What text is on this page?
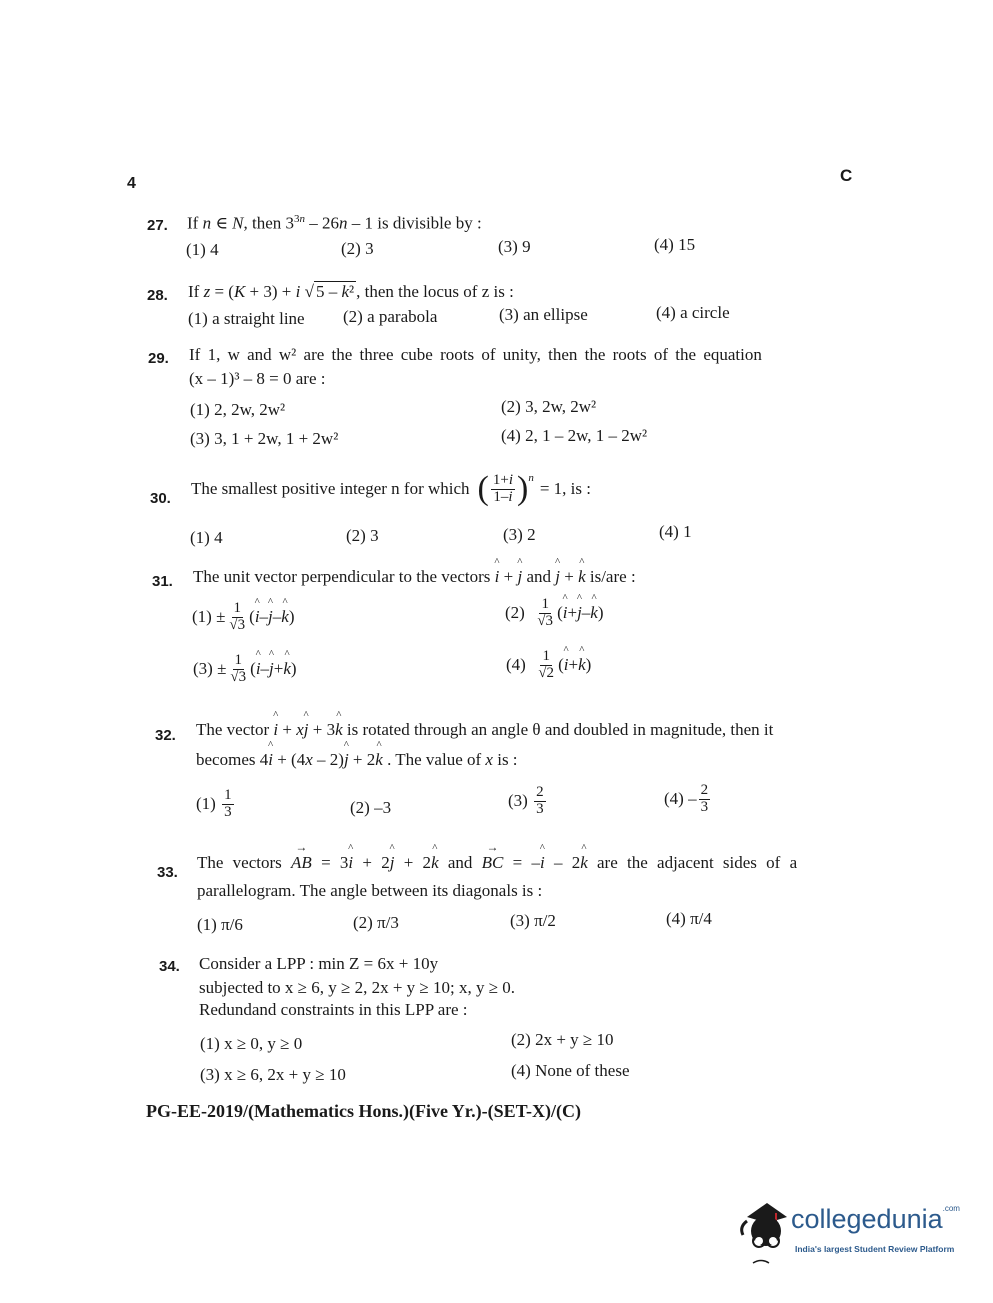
4	C
27. If n ∈ N, then $3^{3n} - 26n - 1$ is divisible by :
(1) 4	(2) 3	(3) 9	(4) 15
28. If z = (K + 3) + i √ 5 – k² , then the locus of z is :
(1) a straight line (2) a parabola	(3) an ellipse	(4) a circle
29. If 1, w and w² are the three cube roots of unity, then the roots of the equation
(x – 1)³ – 8 = 0 are :
(1) 2, 2w, 2w²	(2) 3, 2w, 2w²
(3) 3, 1 + 2w, 1 + 2w²	(4) 2, 1 – 2w, 1 – 2w²
30.
The smallest positive integer n for which ( $\frac{1+i}{1-i}$ ) $^n$
= 1, is :
(1) 4	(2) 3	(3) 2	(4) 1
31. The unit vector perpendicular to the vectors ^ i + ^ j and ^ j + ^ k is/are :
$(1) \pm \frac{1}{√3}$ ( ^ i – ^ j – ^ k )	$(2) \frac{1}{√3}$ ( ^ i + ^ j – ^ k )
$(3) \pm \frac{1}{√3}$ ( ^ i – ^ j + ^ k )	$(4) \frac{1}{√2}$ ( ^ i + ^ k )
32. The vector ^ i + x^ j + 3^ k is rotated through an angle θ and doubled in magnitude, then it
becomes 4^ i + (4x – 2)^ j + 2^ k . The value of x is :
(1)
$\frac{1}{3}$	(2) –3	(3)
$\frac{2}{3}$	$(4) - \frac{2}{3}$
33.
The vectors → AB = 3^ i + 2^ j + 2^ k and → BC = –^ i – 2^ k are the adjacent sides of a
parallelogram. The angle between its diagonals is :
(1) π/6	(2) π/3	(3) π/2	(4) π/4
34. Consider a LPP : min Z = 6x + 10y
subjected to x ≥ 6, y ≥ 2, 2x + y ≥ 10; x, y ≥ 0.
Redundand constraints in this LPP are :
(1) x ≥ 0, y ≥ 0	(2) 2x + y ≥ 10
(3) x ≥ 6, 2x + y ≥ 10	(4) None of these
PG-EE-2019/(Mathematics Hons.)(Five Yr.)-(SET-X)/(C)
collegedunia$^{.com}$
India's largest Student Review Platform
